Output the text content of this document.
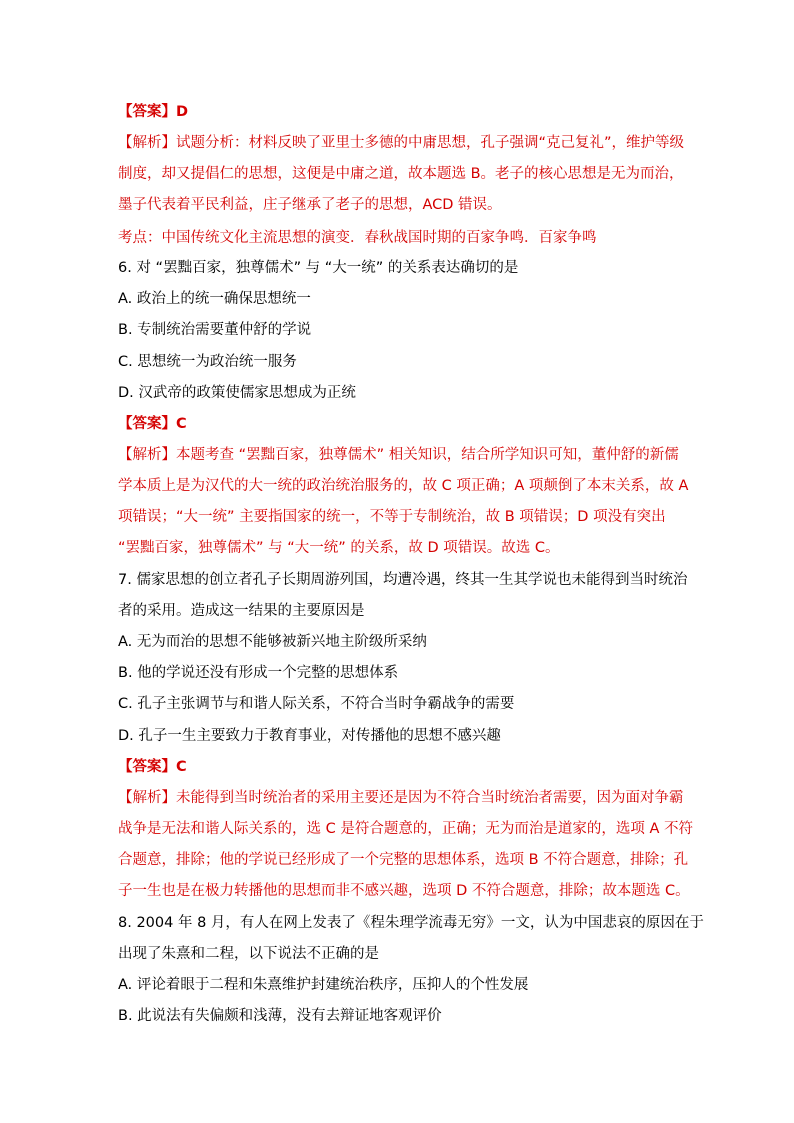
【答案】D
【解析】试题分析：材料反映了亚里士多德的中庸思想，孔子强调“克己复礼”，维护等级
制度，却又提倡仁的思想，这便是中庸之道，故本题选 B。老子的核心思想是无为而治，
墨子代表着平民利益，庄子继承了老子的思想，ACD 错误。
考点：中国传统文化主流思想的演变．春秋战国时期的百家争鸣．百家争鸣
6. 对 “罢黜百家，独尊儒术” 与 “大一统” 的关系表达确切的是
A. 政治上的统一确保思想统一
B. 专制统治需要董仲舒的学说
C. 思想统一为政治统一服务
D. 汉武帝的政策使儒家思想成为正统
【答案】C
【解析】本题考查 “罢黜百家，独尊儒术” 相关知识，结合所学知识可知，董仲舒的新儒
学本质上是为汉代的大一统的政治统治服务的，故 C 项正确；A 项颠倒了本末关系，故 A
项错误；“大一统” 主要指国家的统一，不等于专制统治，故 B 项错误；D 项没有突出
“罢黜百家，独尊儒术” 与 “大一统” 的关系，故 D 项错误。故选 C。
7. 儒家思想的创立者孔子长期周游列国，均遭冷遇，终其一生其学说也未能得到当时统治
者的采用。造成这一结果的主要原因是
A. 无为而治的思想不能够被新兴地主阶级所采纳
B. 他的学说还没有形成一个完整的思想体系
C. 孔子主张调节与和谐人际关系，不符合当时争霸战争的需要
D. 孔子一生主要致力于教育事业，对传播他的思想不感兴趣
【答案】C
【解析】未能得到当时统治者的采用主要还是因为不符合当时统治者需要，因为面对争霸
战争是无法和谐人际关系的，选 C 是符合题意的，正确；无为而治是道家的，选项 A 不符
合题意，排除；他的学说已经形成了一个完整的思想体系，选项 B 不符合题意，排除；孔
子一生也是在极力转播他的思想而非不感兴趣，选项 D 不符合题意，排除；故本题选 C。
8. 2004 年 8 月，有人在网上发表了《程朱理学流毒无穷》一文，认为中国悲哀的原因在于
出现了朱熹和二程，以下说法不正确的是
A. 评论着眼于二程和朱熹维护封建统治秩序，压抑人的个性发展
B. 此说法有失偏颇和浅薄，没有去辩证地客观评价
